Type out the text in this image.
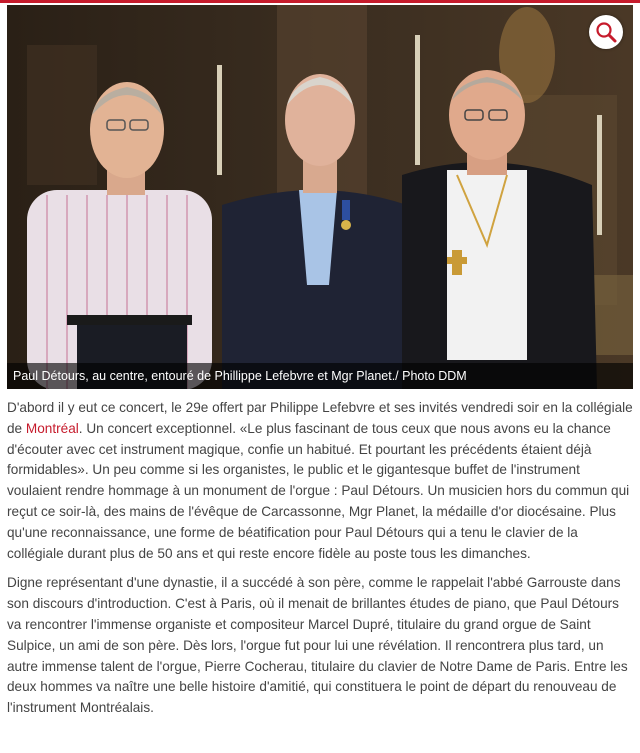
Paul Détours, au centre, entouré de Phillippe Lefebvre et Mgr Planet./ Photo DDM

D'abord il y eut ce concert, le 29e offert par Philippe Lefebvre et ses invités vendredi soir en la collégiale de Montréal. Un concert exceptionnel. «Le plus fascinant de tous ceux que nous avons eu la chance d'écouter avec cet instrument magique, confie un habitué. Et pourtant les précédents étaient déjà formidables». Un peu comme si les organistes, le public et le gigantesque buffet de l'instrument voulaient rendre hommage à un monument de l'orgue : Paul Détours. Un musicien hors du commun qui reçut ce soir-là, des mains de l'évêque de Carcassonne, Mgr Planet, la médaille d'or diocésaine. Plus qu'une reconnaissance, une forme de béatification pour Paul Détours qui a tenu le clavier de la collégiale durant plus de 50 ans et qui reste encore fidèle au poste tous les dimanches.

Digne représentant d'une dynastie, il a succédé à son père, comme le rappelait l'abbé Garrouste dans son discours d'introduction. C'est à Paris, où il menait de brillantes études de piano, que Paul Détours va rencontrer l'immense organiste et compositeur Marcel Dupré, titulaire du grand orgue de Saint Sulpice, un ami de son père. Dès lors, l'orgue fut pour lui une révélation. Il rencontrera plus tard, un autre immense talent de l'orgue, Pierre Cocherau, titulaire du clavier de Notre Dame de Paris. Entre les deux hommes va naître une belle histoire d'amitié, qui constituera le point de départ du renouveau de l'instrument Montréalais.
